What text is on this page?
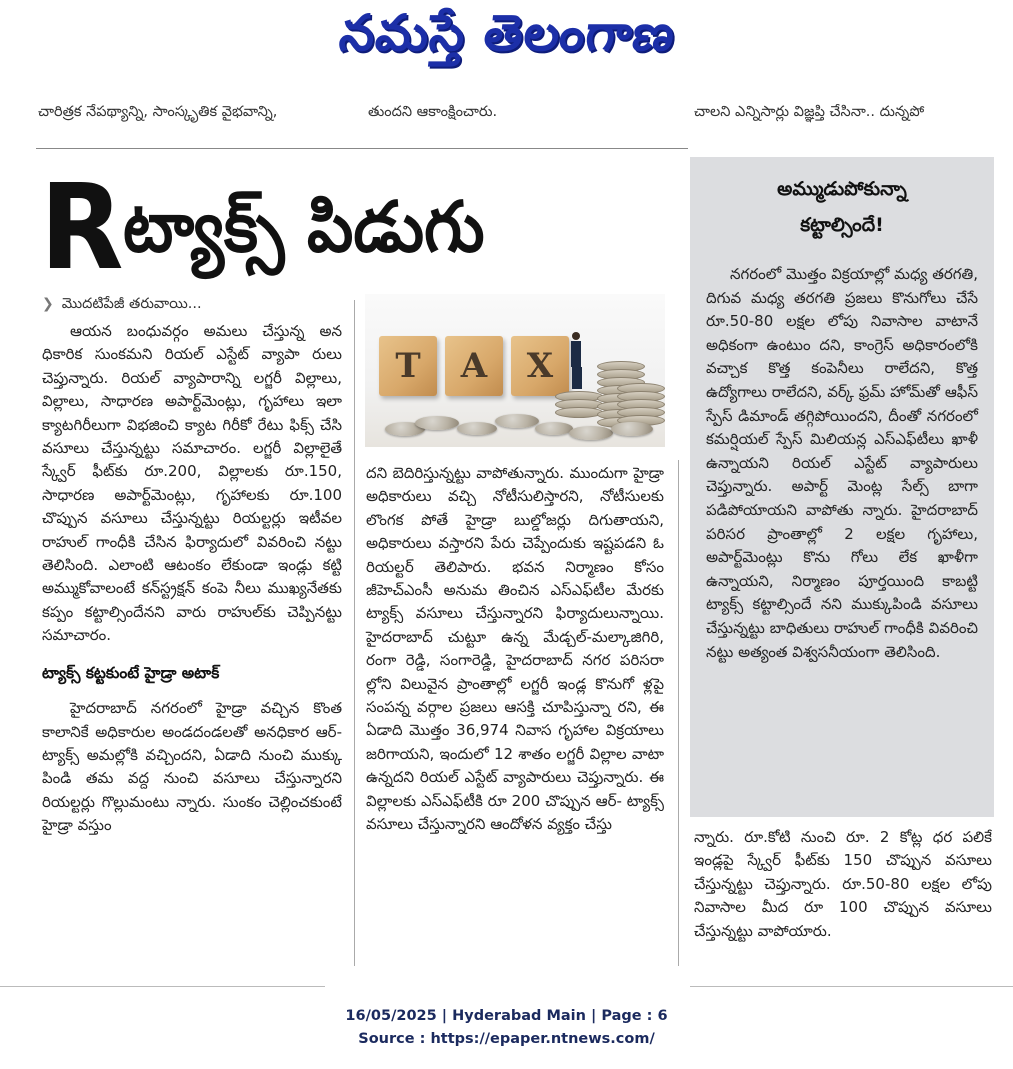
నమస్తే తెలంగాణ
చారిత్రక నేపథ్యాన్ని, సాంస్కృతిక వైభవాన్ని,	తుందని ఆకాంక్షించారు.	చాలని ఎన్నిసార్లు విజ్ఞప్తి చేసినా.. దున్నపో
Rట్యాక్స్ పిడుగు
❯ మొదటిపేజీ తరువాయి...

ఆయన బంధువర్గం అమలు చేస్తున్న అన ధికారిక సుంకమని రియల్ ఎస్టేట్ వ్యాపా రులు చెప్తున్నారు. రియల్ వ్యాపారాన్ని లగ్జరీ విల్లాలు, విల్లాలు, సాధారణ అపార్ట్‌మెంట్లు, గృహాలు ఇలా క్యాటగిరీలుగా విభజించి క్యాట గిరీకో రేటు ఫిక్స్ చేసి వసూలు చేస్తున్నట్టు సమాచారం. లగ్జరీ విల్లాలైతే స్క్వేర్ ఫీట్‌కు రూ.200, విల్లాలకు రూ.150, సాధారణ అపార్ట్‌మెంట్లు, గృహాలకు రూ.100 చొప్పున వసూలు చేస్తున్నట్టు రియల్టర్లు ఇటీవల రాహుల్ గాంధీకి చేసిన ఫిర్యాదులో వివరించి నట్టు తెలిసింది. ఎలాంటి ఆటంకం లేకుండా ఇండ్లు కట్టి అమ్ముకోవాలంటే కన్‌స్ట్రక్షన్ కంపె నీలు ముఖ్యనేతకు కప్పం కట్టాల్సిందేనని వారు రాహుల్‌కు చెప్పినట్టు సమాచారం.

ట్యాక్స్ కట్టకుంటే హైడ్రా అటాక్

హైదరాబాద్ నగరంలో హైడ్రా వచ్చిన కొంత కాలానికే అధికారుల అండదండలతో అనధికార ఆర్‌-ట్యాక్స్ అమల్లోకి వచ్చిందని, ఏడాది నుంచి ముక్కు పిండి తమ వద్ద నుంచి వసూలు చేస్తున్నారని రియల్టర్లు గొల్లుమంటు న్నారు. సుంకం చెల్లించకుంటే హైడ్రా వస్తుం

T	A	X

దని బెదిరిస్తున్నట్టు వాపోతున్నారు. ముందుగా హైడ్రా అధికారులు వచ్చి నోటీసులిస్తారని, నోటీసులకు లొంగక పోతే హైడ్రా బుల్డోజర్లు దిగుతాయని, అధికారులు వస్తారని పేరు చెప్పేందుకు ఇష్టపడని ఓ రియల్టర్ తెలిపారు. భవన నిర్మాణం కోసం జీహెచ్‌ఎంసీ అనుమ తించిన ఎస్‌ఎఫ్‌టీల మేరకు ట్యాక్స్ వసూలు చేస్తున్నారని ఫిర్యాదులున్నాయి. హైదరాబాద్ చుట్టూ ఉన్న మేడ్చల్-మల్కాజిగిరి, రంగా రెడ్డి, సంగారెడ్డి, హైదరాబాద్ నగర పరిసరా ల్లోని విలువైన ప్రాంతాల్లో లగ్జరీ ఇండ్ల కొనుగో ళ్లపై సంపన్న వర్గాల ప్రజలు ఆసక్తి చూపిస్తున్నా రని, ఈ ఏడాది మొత్తం 36,974 నివాస గృహాల విక్రయాలు జరిగాయని, ఇందులో 12 శాతం లగ్జరీ విల్లాల వాటా ఉన్నదని రియల్ ఎస్టేట్ వ్యాపారులు చెప్తున్నారు. ఈ విల్లాలకు ఎస్‌ఎఫ్‌టీకి రూ 200 చొప్పున ఆర్‌- ట్యాక్స్ వసూలు చేస్తున్నారని ఆందోళన వ్యక్తం చేస్తు

అమ్ముడుపోకున్నా
కట్టాల్సిందే!

నగరంలో మొత్తం విక్రయాల్లో మధ్య తరగతి, దిగువ మధ్య తరగతి ప్రజలు కొనుగోలు చేసే రూ.50-80 లక్షల లోపు నివాసాల వాటానే అధికంగా ఉంటుం దని, కాంగ్రెస్ అధికారంలోకి వచ్చాక కొత్త కంపెనీలు రాలేదని, కొత్త ఉద్యోగాలు రాలేదని, వర్క్ ఫ్రమ్ హోమ్‌తో ఆఫీస్ స్పేస్ డిమాండ్ తగ్గిపోయిందని, దీంతో నగరంలో కమర్షియల్ స్పేస్ మిలియన్ల ఎస్‌ఎఫ్‌టీలు ఖాళీ ఉన్నాయని రియల్ ఎస్టేట్ వ్యాపారులు చెప్తున్నారు. అపార్ట్ మెంట్ల సేల్స్ బాగా పడిపోయాయని వాపోతు న్నారు. హైదరాబాద్ పరిసర ప్రాంతాల్లో 2 లక్షల గృహాలు, అపార్ట్‌మెంట్లు కొను గోలు లేక ఖాళీగా ఉన్నాయని, నిర్మాణం పూర్తయింది కాబట్టి ట్యాక్స్ కట్టాల్సిందే నని ముక్కుపిండి వసూలు చేస్తున్నట్టు బాధితులు రాహుల్ గాంధీకి వివరించి నట్టు అత్యంత విశ్వసనీయంగా తెలిసింది.

న్నారు. రూ.కోటి నుంచి రూ. 2 కోట్ల ధర పలికే ఇండ్లపై స్క్వేర్ ఫీట్‌కు 150 చొప్పున వసూలు చేస్తున్నట్టు చెప్తున్నారు. రూ.50-80 లక్షల లోపు నివాసాల మీద రూ 100 చొప్పున వసూలు చేస్తున్నట్టు వాపోయారు.

16/05/2025 | Hyderabad Main | Page : 6
Source : https://epaper.ntnews.com/
